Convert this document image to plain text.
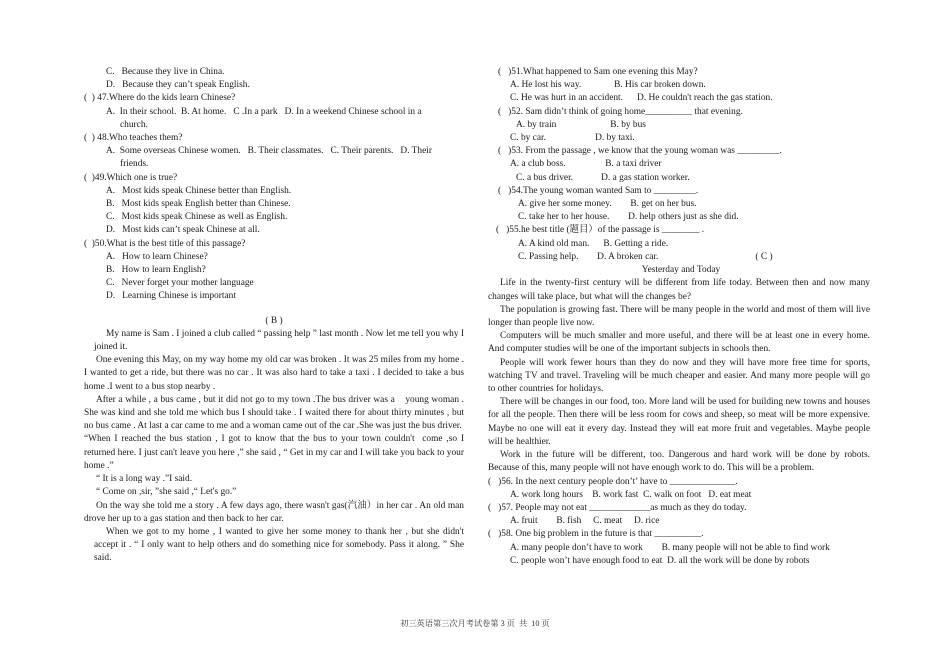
C.   Because they live in China.
D.   Because they can’t speak English.
(  ) 47.Where do the kids learn Chinese?
A.  In their school.  B. At home.   C .In a park   D. In a weekend Chinese school in a
church.
(  ) 48.Who teaches them?
A.  Some overseas Chinese women.   B. Their classmates.   C. Their parents.   D. Their
friends.
(  )49.Which one is true?
A.   Most kids speak Chinese better than English.
B.   Most kids speak English better than Chinese.
C.   Most kids speak Chinese as well as English.
D.   Most kids can’t speak Chinese at all.
(  )50.What is the best title of this passage?
A.   How to learn Chinese?
B.   How to learn English?
C.   Never forget your mother language
D.   Learning Chinese is important
( B )
My name is Sam . I joined a club called “ passing help ” last month . Now let me tell you why I joined it.
One evening this May, on my way home my old car was broken . It was 25 miles from my home . I wanted to get a ride, but there was no car . It was also hard to take a taxi . I decided to take a bus home .I went to a bus stop nearby .
After a while , a bus came , but it did not go to my town .The bus driver was a    young woman . She was kind and she told me which bus I should take . I waited there for about thirty minutes , but no bus came . At last a car came to me and a woman came out of the car .She was just the bus driver.
“When I reached the bus station , I got to know that the bus to your town couldn't  come ,so I returned here. I just can't leave you here ,” she said , “ Get in my car and I will take you back to your home .”
“ It is a long way .”I said.
“ Come on ,sir, ”she said ,“ Let's go.”
On the way she told me a story . A few days ago, there wasn't gas(汽油）in her car . An old man drove her up to a gas station and then back to her car.
When we got to my home , I wanted to give her some money to thank her , but she didn't accept it . “ I only want to help others and do something nice for somebody. Pass it along. ” She said.
(   )51.What happened to Sam one evening this May?
A. He lost his way.              B. His car broken down.
C. He was hurt in an accident.      D. He couldn't reach the gas station.
(   )52. Sam didn’t think of going home__________ that evening.
A. by train                       B. by bus
C. by car.                     D. by taxi.
(   )53. From the passage , we know that the young woman was _________.
A. a club boss.                 B. a taxi driver
C. a bus driver.            D. a gas station worker.
(   )54.The young woman wanted Sam to _________.
A. give her some money.        B. get on her bus.
C. take her to her house.        D. help others just as she did.
(   )55.he best title (题目）of the passage is ________ .
A. A kind old man.      B. Getting a ride.
C. Passing help.        D. A broken car.	( C )
Yesterday and Today
Life in the twenty-first century will be different from life today. Between then and now many changes will take place, but what will the changes be?
The population is growing fast. There will be many people in the world and most of them will live longer than people live now.
Computers will be much smaller and more useful, and there will be at least one in every home. And computer studies will be one of the important subjects in schools then.
People will work fewer hours than they do now and they will have more free time for sports, watching TV and travel. Traveling will be much cheaper and easier. And many more people will go to other countries for holidays.
There will be changes in our food, too. More land will be used for building new towns and houses for all the people. Then there will be less room for cows and sheep, so meat will be more expensive. Maybe no one will eat it every day. Instead they will eat more fruit and vegetables. Maybe people will be healthier.
Work in the future will be different, too. Dangerous and hard work will be done by robots. Because of this, many people will not have enough work to do. This will be a problem.
(   )56. In the next century people don’t’ have to ______________.
A. work long hours    B. work fast  C. walk on foot   D. eat meat
(   )57. People may not eat _____________as much as they do today.
A. fruit        B. fish     C. meat     D. rice
(   )58. One big problem in the future is that __________.
A. many people don’t have to work        B. many people will not be able to find work
C. people won’t have enough food to eat  D. all the work will be done by robots
初三英语第三次月考试卷第 3 页  共  10 页
